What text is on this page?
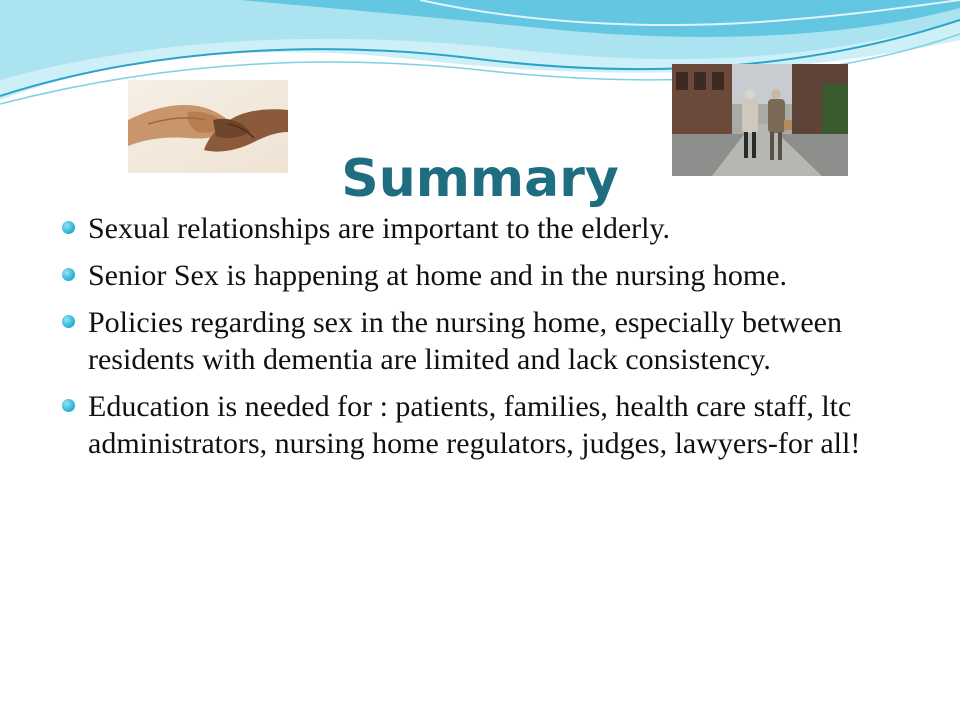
Summary
Sexual relationships are important to the elderly.
Senior Sex is happening at home and in the nursing home.
Policies regarding sex in the nursing home, especially between residents with dementia are limited and lack consistency.
Education is needed for : patients, families, health care staff, ltc administrators, nursing home regulators, judges, lawyers-for all!
